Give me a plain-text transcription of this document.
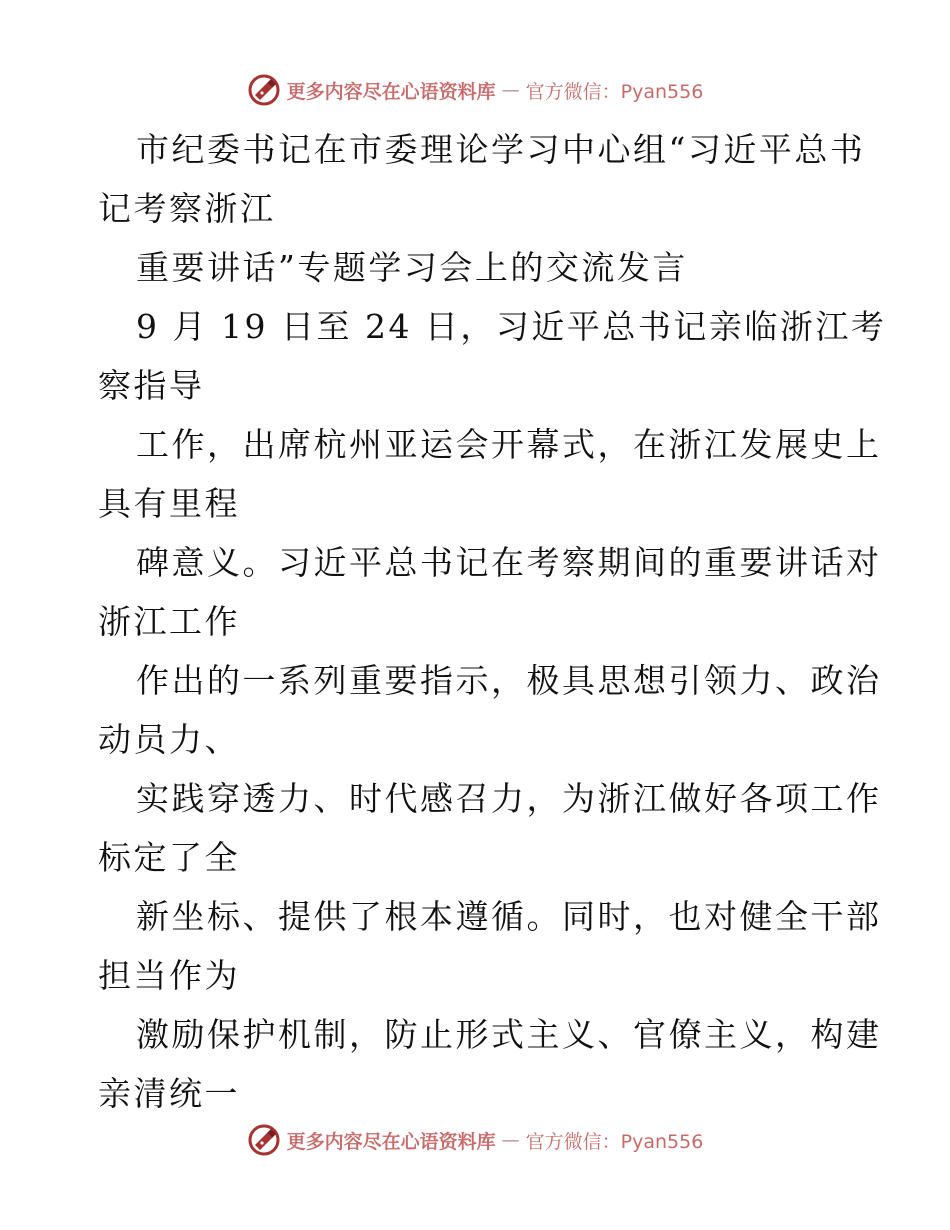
更多内容尽在心语资料库 — 官方微信：Pyan556
市纪委书记在市委理论学习中心组“习近平总书
记考察浙江
重要讲话”专题学习会上的交流发言
9 月 19 日至 24 日，习近平总书记亲临浙江考
察指导
工作，出席杭州亚运会开幕式，在浙江发展史上
具有里程
碑意义。习近平总书记在考察期间的重要讲话对
浙江工作
作出的一系列重要指示，极具思想引领力、政治
动员力、
实践穿透力、时代感召力，为浙江做好各项工作
标定了全
新坐标、提供了根本遵循。同时，也对健全干部
担当作为
激励保护机制，防止形式主义、官僚主义，构建
亲清统一
更多内容尽在心语资料库 — 官方微信：Pyan556
